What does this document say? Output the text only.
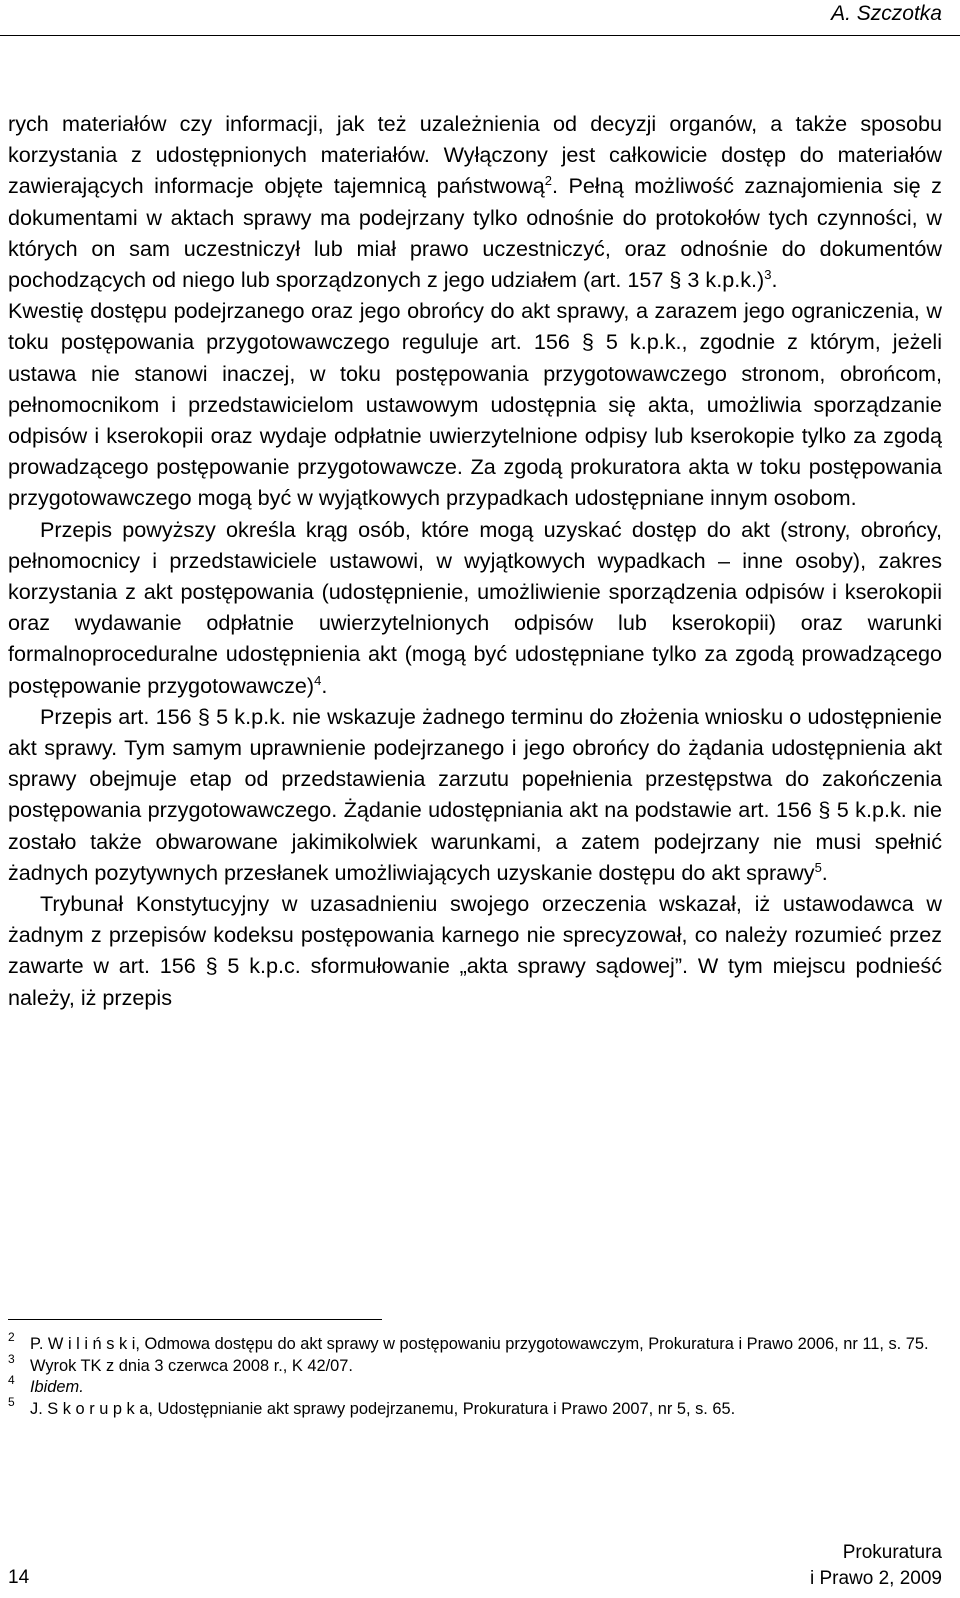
A. Szczotka

rych materiałów czy informacji, jak też uzależnienia od decyzji organów, a także sposobu korzystania z udostępnionych materiałów. Wyłączony jest całkowicie dostęp do materiałów zawierających informacje objęte tajemnicą państwową$^2$. Pełną możliwość zaznajomienia się z dokumentami w aktach sprawy ma podejrzany tylko odnośnie do protokołów tych czynności, w których on sam uczestniczył lub miał prawo uczestniczyć, oraz odnośnie do dokumentów pochodzących od niego lub sporządzonych z jego udziałem (art. 157 § 3 k.p.k.)$^3$.

Kwestię dostępu podejrzanego oraz jego obrońcy do akt sprawy, a zarazem jego ograniczenia, w toku postępowania przygotowawczego reguluje art. 156 § 5 k.p.k., zgodnie z którym, jeżeli ustawa nie stanowi inaczej, w toku postępowania przygotowawczego stronom, obrońcom, pełnomocnikom i przedstawicielom ustawowym udostępnia się akta, umożliwia sporządzanie odpisów i kserokopii oraz wydaje odpłatnie uwierzytelnione odpisy lub kserokopie tylko za zgodą prowadzącego postępowanie przygotowawcze. Za zgodą prokuratora akta w toku postępowania przygotowawczego mogą być w wyjątkowych przypadkach udostępniane innym osobom.

Przepis powyższy określa krąg osób, które mogą uzyskać dostęp do akt (strony, obrońcy, pełnomocnicy i przedstawiciele ustawowi, w wyjątkowych wypadkach – inne osoby), zakres korzystania z akt postępowania (udostępnienie, umożliwienie sporządzenia odpisów i kserokopii oraz wydawanie odpłatnie uwierzytelnionych odpisów lub kserokopii) oraz warunki formalnoproceduralne udostępnienia akt (mogą być udostępniane tylko za zgodą prowadzącego postępowanie przygotowawcze)$^4$.

Przepis art. 156 § 5 k.p.k. nie wskazuje żadnego terminu do złożenia wniosku o udostępnienie akt sprawy. Tym samym uprawnienie podejrzanego i jego obrońcy do żądania udostępnienia akt sprawy obejmuje etap od przedstawienia zarzutu popełnienia przestępstwa do zakończenia postępowania przygotowawczego. Żądanie udostępniania akt na podstawie art. 156 § 5 k.p.k. nie zostało także obwarowane jakimikolwiek warunkami, a zatem podejrzany nie musi spełnić żadnych pozytywnych przesłanek umożliwiających uzyskanie dostępu do akt sprawy$^5$.

Trybunał Konstytucyjny w uzasadnieniu swojego orzeczenia wskazał, iż ustawodawca w żadnym z przepisów kodeksu postępowania karnego nie sprecyzował, co należy rozumieć przez zawarte w art. 156 § 5 k.p.c. sformułowanie „akta sprawy sądowej”. W tym miejscu podnieść należy, iż przepis

2 P. W i l i ń s k i, Odmowa dostępu do akt sprawy w postępowaniu przygotowawczym, Prokuratura i Prawo 2006, nr 11, s. 75.
3 Wyrok TK z dnia 3 czerwca 2008 r., K 42/07.
4 Ibidem.
5 J. S k o r u p k a, Udostępnianie akt sprawy podejrzanemu, Prokuratura i Prawo 2007, nr 5, s. 65.
14
Prokuratura
i Prawo 2, 2009
